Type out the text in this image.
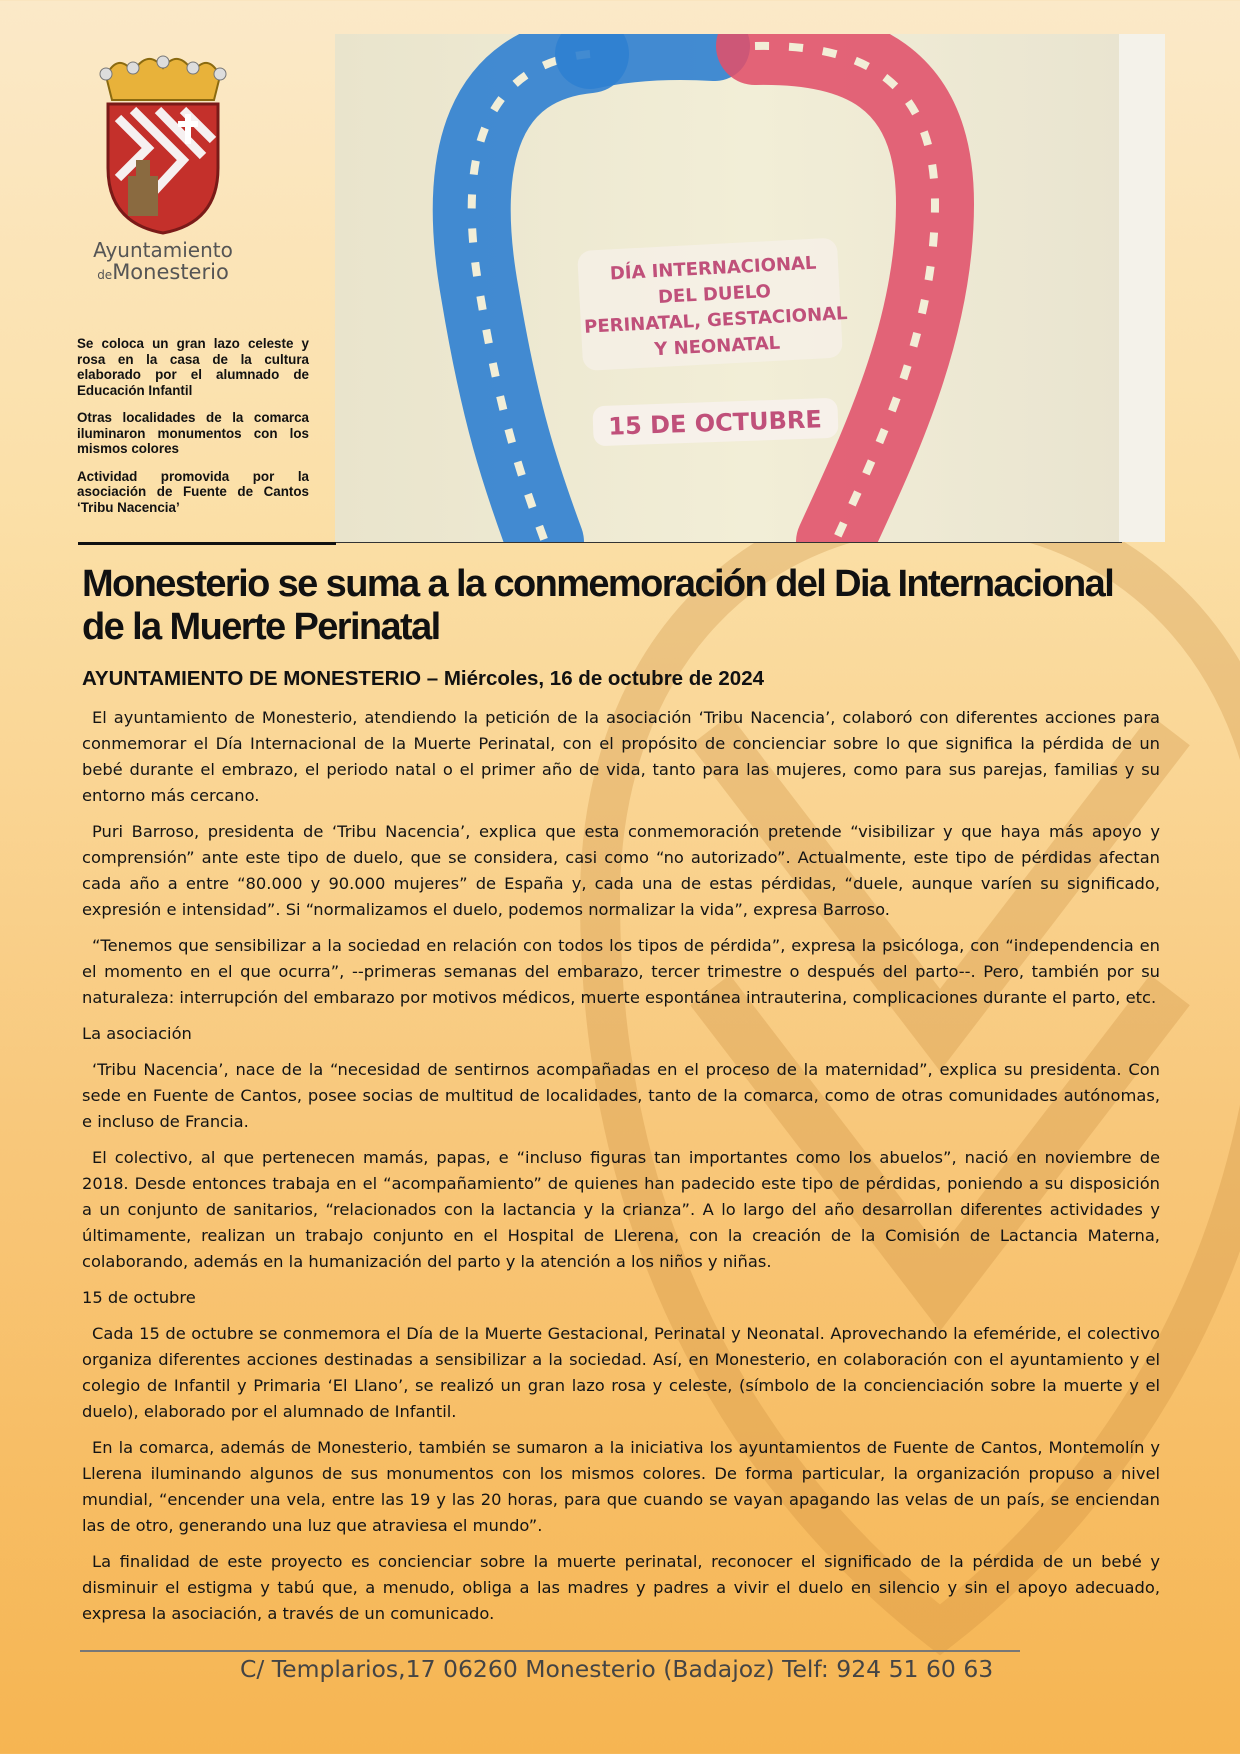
Ayuntamiento
deMonesterio

Se coloca un gran lazo celeste y rosa en la casa de la cultura elaborado por el alumnado de Educación Infantil

Otras localidades de la comarca iluminaron monumentos con los mismos colores

Actividad promovida por la asociación de Fuente de Cantos ‘Tribu Nacencia’

DÍA INTERNACIONAL
DEL DUELO
PERINATAL, GESTACIONAL
Y NEONATAL
15 DE OCTUBRE
Monesterio se suma a la conmemoración del Dia Internacional de la Muerte Perinatal
AYUNTAMIENTO DE MONESTERIO – Miércoles, 16 de octubre de 2024

El ayuntamiento de Monesterio, atendiendo la petición de la asociación ‘Tribu Nacencia’, colaboró con diferentes acciones para conmemorar el Día Internacional de la Muerte Perinatal, con el propósito de concienciar sobre lo que significa la pérdida de un bebé durante el embrazo, el periodo natal o el primer año de vida, tanto para las mujeres, como para sus parejas, familias y su entorno más cercano.

Puri Barroso, presidenta de ‘Tribu Nacencia’, explica que esta conmemoración pretende “visibilizar y que haya más apoyo y comprensión” ante este tipo de duelo, que se considera, casi como “no autorizado”. Actualmente, este tipo de pérdidas afectan cada año a entre “80.000 y 90.000 mujeres” de España y, cada una de estas pérdidas, “duele, aunque varíen su significado, expresión e intensidad”. Si “normalizamos el duelo, podemos normalizar la vida”, expresa Barroso.

“Tenemos que sensibilizar a la sociedad en relación con todos los tipos de pérdida”, expresa la psicóloga, con “independencia en el momento en el que ocurra”, --primeras semanas del embarazo, tercer trimestre o después del parto--. Pero, también por su naturaleza: interrupción del embarazo por motivos médicos, muerte espontánea intrauterina, complicaciones durante el parto, etc.

La asociación

‘Tribu Nacencia’, nace de la “necesidad de sentirnos acompañadas en el proceso de la maternidad”, explica su presidenta. Con sede en Fuente de Cantos, posee socias de multitud de localidades, tanto de la comarca, como de otras comunidades autónomas, e incluso de Francia.

El colectivo, al que pertenecen mamás, papas, e “incluso figuras tan importantes como los abuelos”, nació en noviembre de 2018. Desde entonces trabaja en el “acompañamiento” de quienes han padecido este tipo de pérdidas, poniendo a su disposición a un conjunto de sanitarios, “relacionados con la lactancia y la crianza”. A lo largo del año desarrollan diferentes actividades y últimamente, realizan un trabajo conjunto en el Hospital de Llerena, con la creación de la Comisión de Lactancia Materna, colaborando, además en la humanización del parto y la atención a los niños y niñas.

15 de octubre

Cada 15 de octubre se conmemora el Día de la Muerte Gestacional, Perinatal y Neonatal. Aprovechando la efeméride, el colectivo organiza diferentes acciones destinadas a sensibilizar a la sociedad. Así, en Monesterio, en colaboración con el ayuntamiento y el colegio de Infantil y Primaria ‘El Llano’, se realizó un gran lazo rosa y celeste, (símbolo de la concienciación sobre la muerte y el duelo), elaborado por el alumnado de Infantil.

En la comarca, además de Monesterio, también se sumaron a la iniciativa los ayuntamientos de Fuente de Cantos, Montemolín y Llerena iluminando algunos de sus monumentos con los mismos colores. De forma particular, la organización propuso a nivel mundial, “encender una vela, entre las 19 y las 20 horas, para que cuando se vayan apagando las velas de un país, se enciendan las de otro, generando una luz que atraviesa el mundo”.

La finalidad de este proyecto es concienciar sobre la muerte perinatal, reconocer el significado de la pérdida de un bebé y disminuir el estigma y tabú que, a menudo, obliga a las madres y padres a vivir el duelo en silencio y sin el apoyo adecuado, expresa la asociación, a través de un comunicado.

C/ Templarios,17 06260 Monesterio (Badajoz) Telf: 924 51 60 63
